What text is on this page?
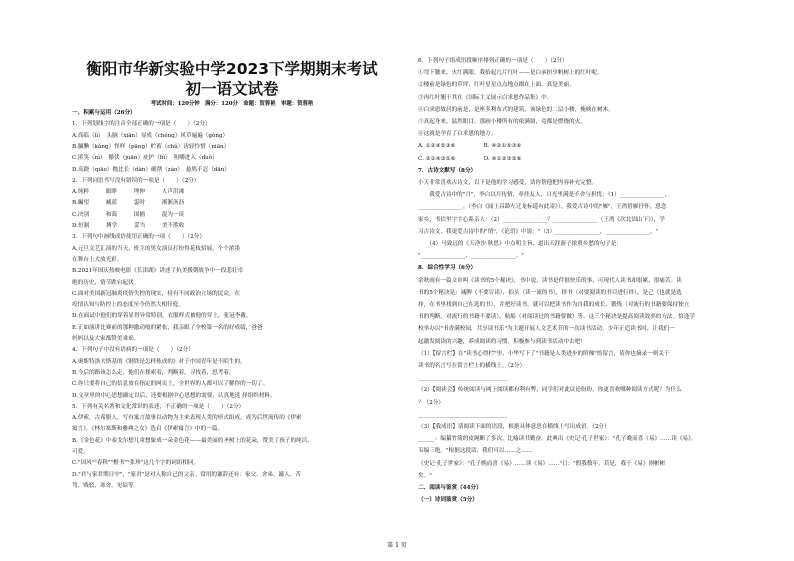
衡阳市华新实验中学2023下学期期末考试
初一语文试卷
考试时间：120分钟　满分：120分　命题：贺蓉艳　审题：贺蓉艳
一、积累与运用（26分）
1．下列划线字的注音全部正确的一项是（　　）（2分）
A.高临（lì）　头脑（xiān）显成（chéng）风草遍遍（gòng）
B.腼腆（kǎng）怪样（pāng）贮蓄（chǔ）齿轻怜惜（niān）
C.匿笑（nì）　攥伏（juān）庇护（bì）　咀嚼进入（duǒ）
D.高跷（qiāo）抛比长（dàn）确凿（záo）　悬鸠不忍（dān）
2．下列词语书写没有错误的一项是（　　）（2分）
A.纯粹　　　眼睁　　　埋伸　　　人声沮沸
B.瞩望　　　臧蓝　　　霎时　　　淅淅沥沥
C.决别　　　和蔼　　　围捕　　　混为一谈
D.恒制　　　搏学　　　妥当　　　美不胜收
3．下列句中画线成语使用正确的一项（　　）（2分）
A.元旦文艺汇演的当天，班主的男女演员打扮得花枝招展，个个浓墨
在舞台上大放光彩。
B.2021年国庆热映电影《长津湖》讲述了抗美援朝战争中一段悲壮卓
绝的历史，情节跌宕起伏。
C.面对美国新冠肺炎疫情失控的现实，持有不同政治立场的民众，在
疫情认知与防控上的态度至今仍然大相径庭。
D.在面试中他们的穿着显得异常特别，衣服样式被他的穿上，张冠李戴。
E.正如演讲比赛前的那种激动般的紧张，我亲眼了全校第一名的好成绩，爸爸
妈妈以及大家都赞美乖乖。
4．下列句子中没有语病的一项是（　　）（2分）
A.奥斯特洛夫斯基的《钢铁是怎样炼成的》对于中国青年是不陌生的。
B.今后的路该怎么走，他们在探索着，判断着，寻找着，思考着。
C.你只要将自己的信息放在指定的网页上，全世界的人都可以了解你的一切了。
D.文章里的中心思想确定以后，还要根据中心思想的需要，认真地选 择组织材料。
5．下列有关名著和文化常识的表述，不正确的一项是（　　）（2分）
A.伊索，古希腊人，写有寓言故事以动物为主来表现人类的形式组成，成为后世流传的《伊索
寓言》。《林尔塞斯和雅典之女》选自《伊索寓言》中的一篇。
B.《金色花》中泰戈尔想儿童想象成一朵金色花——最美丽的圣树上的花朵，赞美了孩子的纯洁、
可爱。
C."国风""春秋""楷书""张珍"这几个字的词组相同。
D."君与家君期日中"，"家君"是对人称自己的父亲。常用的谦辞还有：家父、舍弟、鄙人、苦
驾、贱驳、寒舍、见谅等。
6．下列句子组成语段顺序排列正确的一项是（　　）（2分）
①弯下腰来，火红满眼。我抬起几片红叶——是白承担享帆树上的红叶呢。
②楼前是绿色的草坪，红叶星星点点地点缀在上面，真是美丽。
③再红叶翘于其在《国际主义展示白求恩作品集》中。
④白求恩故居的前是，是座多利布式的建筑，该绿色的二层小楼，掩映在树木。
⑤真起身来，猛然眼目，那画小楼所有的依满窗，竟都是燃烧的火。
⑥这就是孕育了白求恩的地方。
A. ①②④⑤③⑥　　　　　B. ④②①⑤③⑥
C. ②①④③⑤⑥　　　　　D. ④①②③⑤⑥
7．古诗文默写（8分）
小天非常喜欢古诗文，以下是他的学习感受，请你帮他把内容补充完整。
　　我爱古诗中的"月"，李白以月传情，牵挂友人，月光里满是不舍与担忧：（1）________________，
________________。（李白《闻王昌龄左迁龙标遥有此寄》）。我爱古诗中的"雁"，王湾借雁抒怀，思念
家乡，书信里字字心系亲人：（2）________________？________________（王湾《次北固山下》），学
习古诗文，我更爱古诗中的"情"，《论语》中说："（3）________________，________________。"
　　（4）马致远的《天净沙·秋思》中点明主旨，道出天涯游子浓重乡愁的句子是：
"________________，________________。"
8．综合性学习（6分）
余秋雨有一篇文章叫《读书的5个秘诀》，书中说，读书是件很快乐的事，可现代人读书却很累、很痛苦。读
书的5个秘诀是：减脾（不要盲读），拍头（读一流的书），择书（对要阅读的书目进行择），是己（也就是选
择，在书里找到自己在选的书），并把好读书，就可以把读书作为自我的成长，锻炼（对流行的书籍要保持独立
书的判断，对流行的书籍不要读）、航船（对阅读过的书籍要做）等。这三个秘诀是提高阅读效率的方法。恰逢学
校举办以"书香满校园，共享读书乐"为主题开展人文艺术节的一次读书活动，少年正追读书时，让我们一
起激发阅读的兴趣，养成阅读的习惯，积极参与到读书活动中去吧！
（1）【留言栏】在"读书心得栏"里，小华写下了"书籍是人类进步的阶梯"的留言，请你也摘录一则关于
读书的名言写在留言栏上的横线上。（2分）
________________________________
（2）【阅读会】传统阅读与网上阅读都有利有弊，同学们对此议论纷纷。你更喜欢哪种阅读方式呢？为什么
？（2分）
________________________________
（3）【我成语】请阅读下面的语段，根据具体意思在横线上写出成语。（2分）
______：编纂竹简的皮绳断了多次。比喻读书勤奋。此典出《史记·孔子世家》："孔子晚而喜《易》……读《易》，
韦编三绝。"根据这段话，我们可以……之……
《史记·孔子世家》："孔子晚而喜《易》……读《易》……"日："假我数年，若是，我于《易》则彬彬
矣。"
二、阅读与鉴赏（44分）
（一）诗词鉴赏（5分）
第 1 页
